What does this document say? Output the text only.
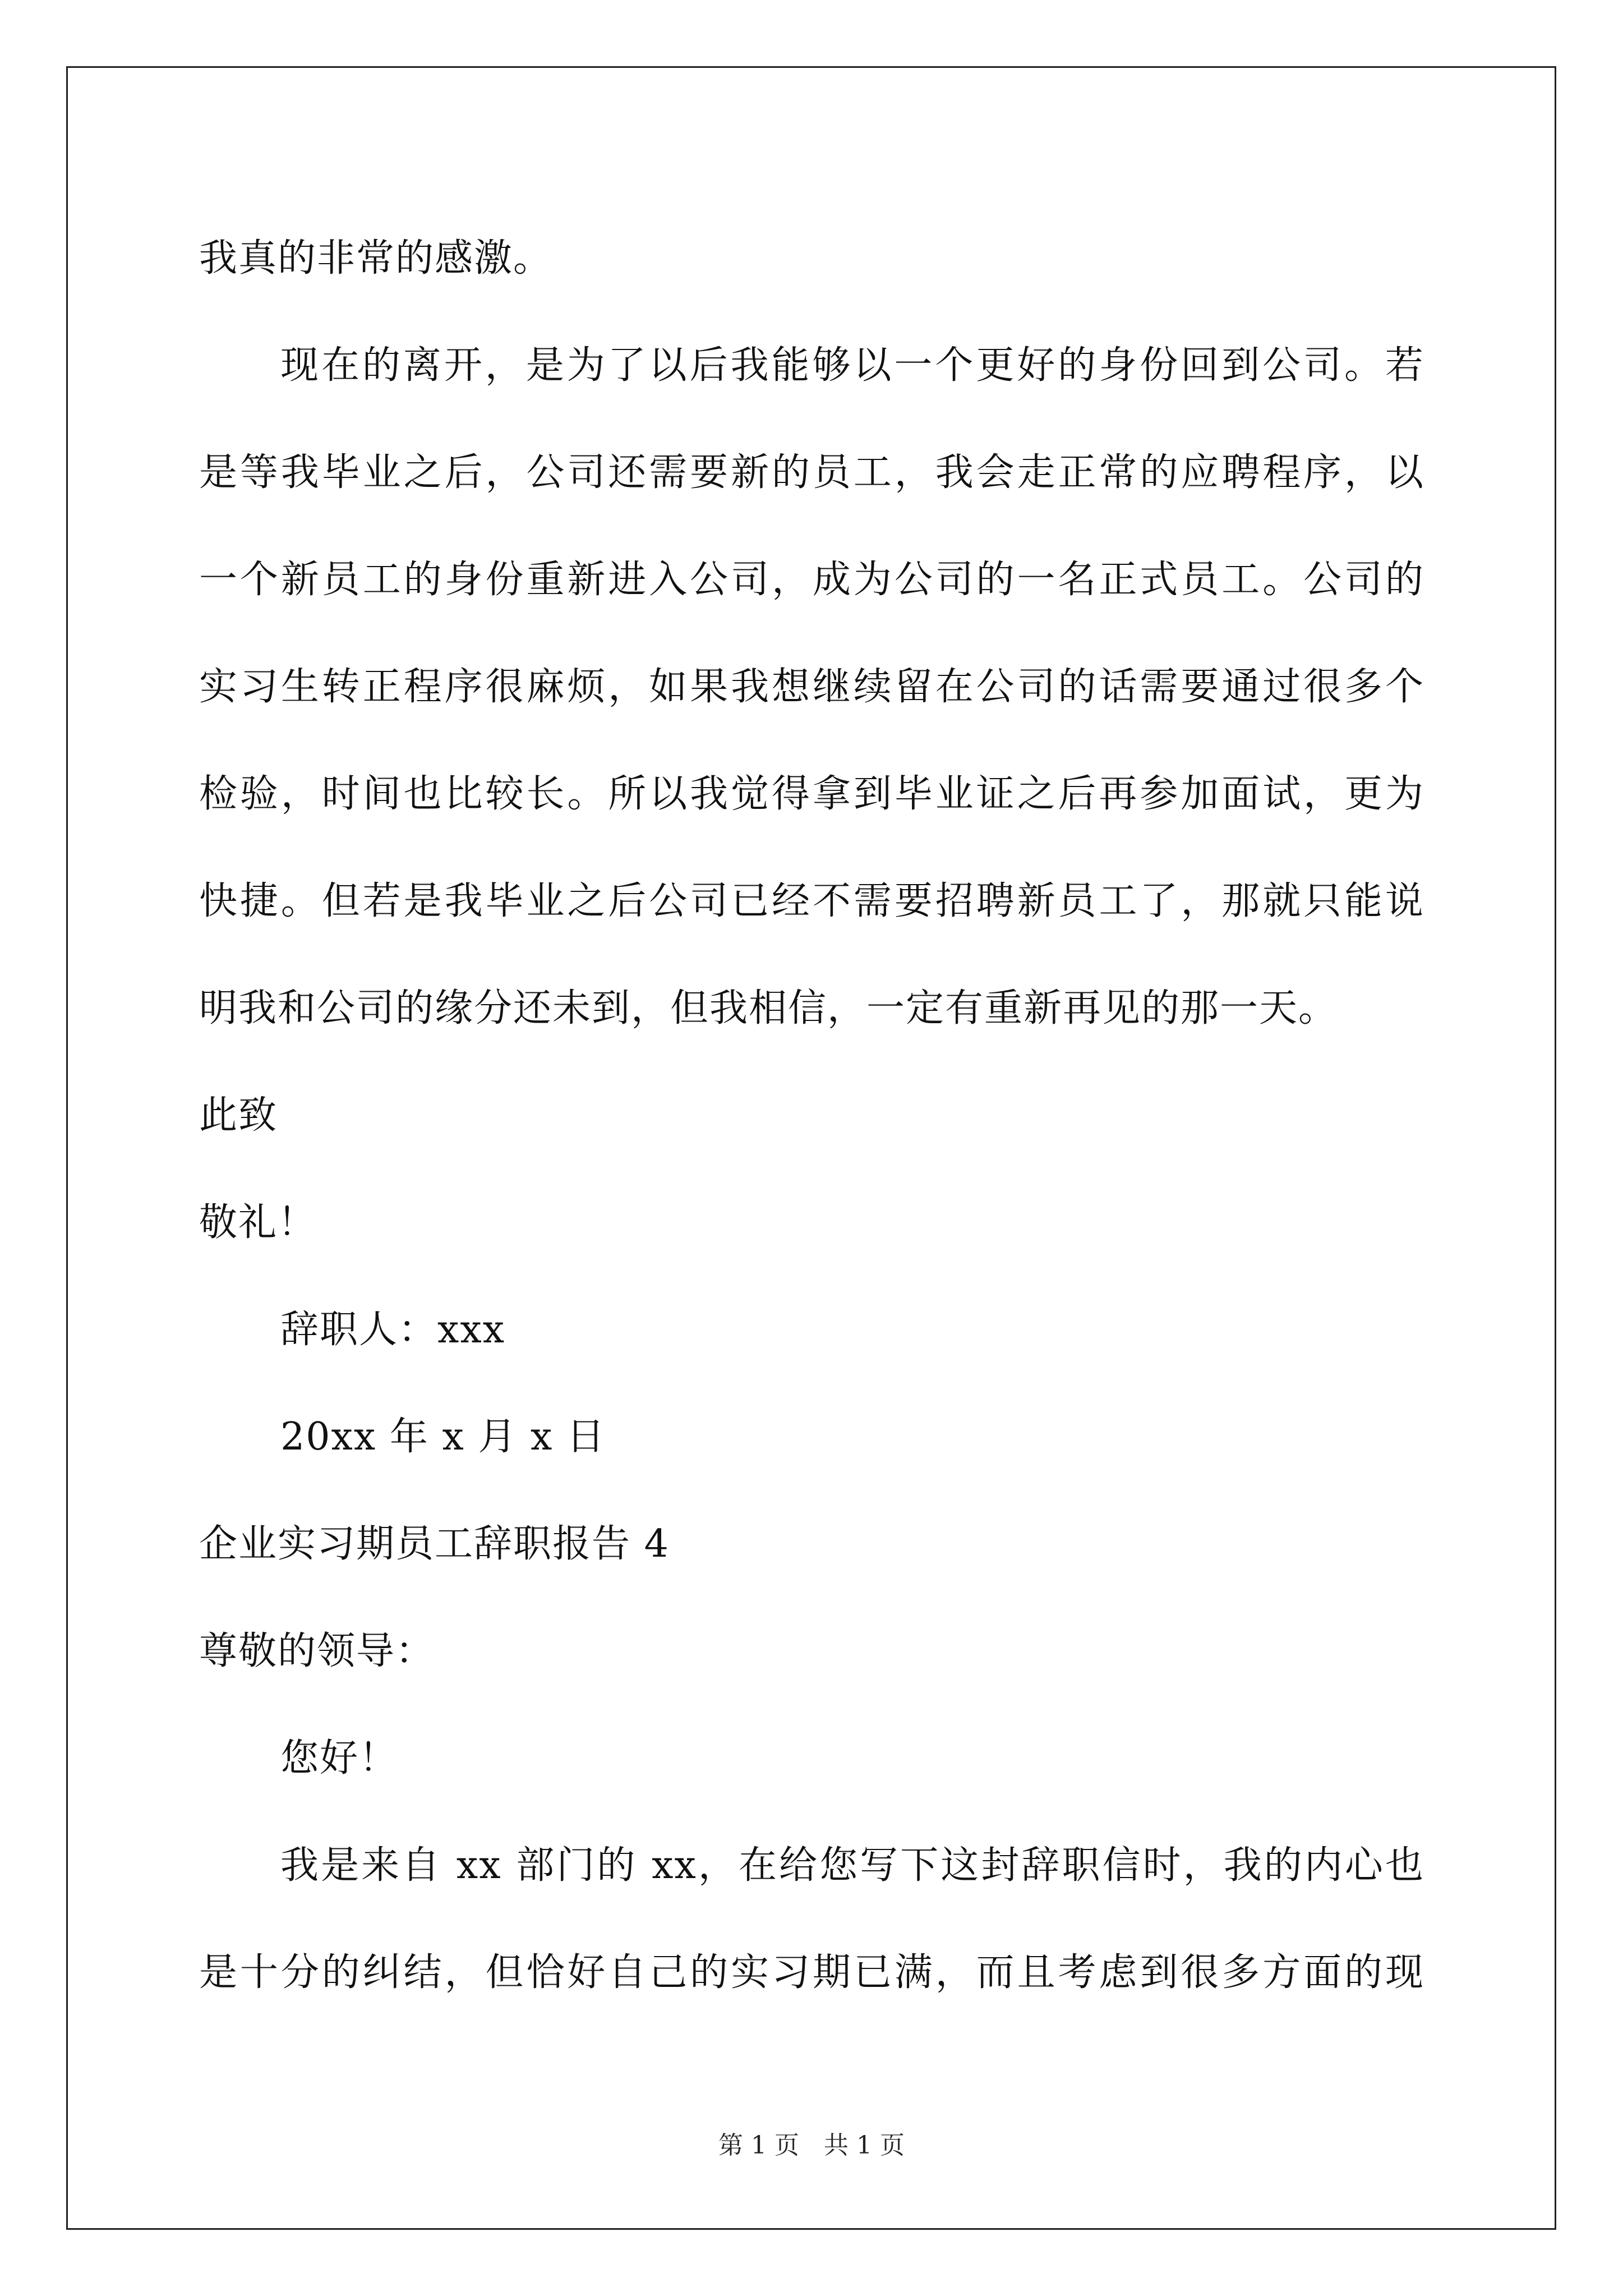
我真的非常的感激。
现在的离开，是为了以后我能够以一个更好的身份回到公司。若
是等我毕业之后，公司还需要新的员工，我会走正常的应聘程序，以
一个新员工的身份重新进入公司，成为公司的一名正式员工。公司的
实习生转正程序很麻烦，如果我想继续留在公司的话需要通过很多个
检验，时间也比较长。所以我觉得拿到毕业证之后再参加面试，更为
快捷。但若是我毕业之后公司已经不需要招聘新员工了，那就只能说
明我和公司的缘分还未到，但我相信，一定有重新再见的那一天。
此致
敬礼！
辞职人：xxx
20xx 年 x 月 x 日
企业实习期员工辞职报告 4
尊敬的领导：
您好！
我是来自 xx 部门的 xx，在给您写下这封辞职信时，我的内心也
是十分的纠结，但恰好自己的实习期已满，而且考虑到很多方面的现
第 1 页　共 1 页
